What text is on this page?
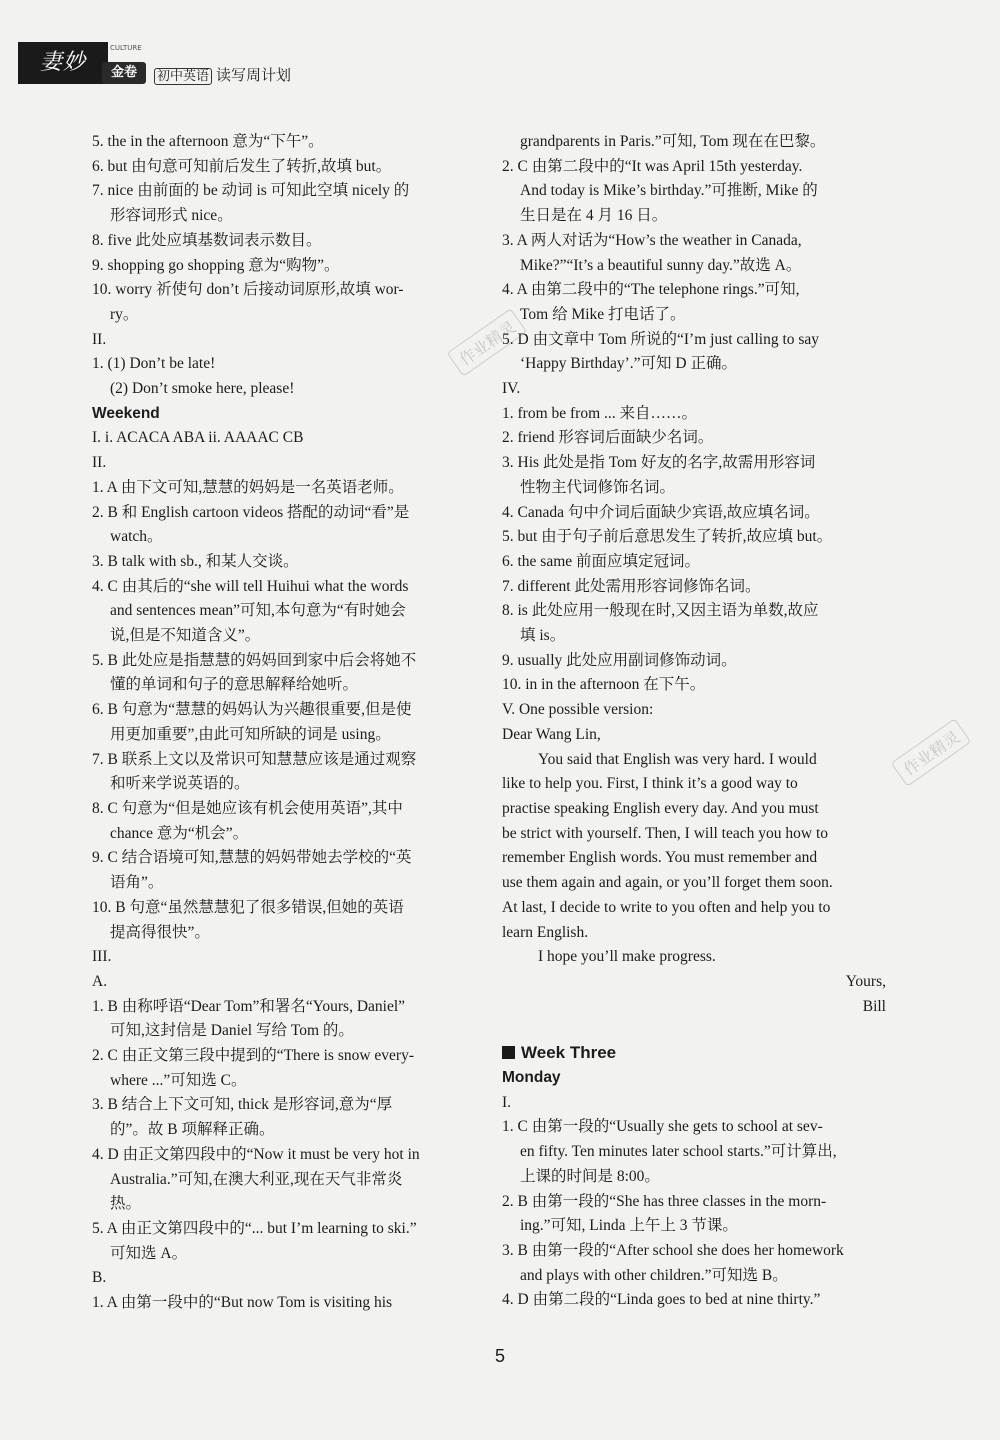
妻妙
CULTURE
金卷	初中英语 读写周计划
5. the in the afternoon 意为“下午”。
6. but 由句意可知前后发生了转折,故填 but。
7. nice 由前面的 be 动词 is 可知此空填 nicely 的
形容词形式 nice。
8. five 此处应填基数词表示数目。
9. shopping go shopping 意为“购物”。
10. worry 祈使句 don’t 后接动词原形,故填 wor-
ry。
II.
1. (1) Don’t be late!
(2) Don’t smoke here, please!
Weekend
I. i. ACACA ABA ii. AAAAC CB
II.
1. A 由下文可知,慧慧的妈妈是一名英语老师。
2. B 和 English cartoon videos 搭配的动词“看”是
watch。
3. B talk with sb., 和某人交谈。
4. C 由其后的“she will tell Huihui what the words
and sentences mean”可知,本句意为“有时她会
说,但是不知道含义”。
5. B 此处应是指慧慧的妈妈回到家中后会将她不
懂的单词和句子的意思解释给她听。
6. B 句意为“慧慧的妈妈认为兴趣很重要,但是使
用更加重要”,由此可知所缺的词是 using。
7. B 联系上文以及常识可知慧慧应该是通过观察
和听来学说英语的。
8. C 句意为“但是她应该有机会使用英语”,其中
chance 意为“机会”。
9. C 结合语境可知,慧慧的妈妈带她去学校的“英
语角”。
10. B 句意“虽然慧慧犯了很多错误,但她的英语
提高得很快”。
III.
A.
1. B 由称呼语“Dear Tom”和署名“Yours, Daniel”
可知,这封信是 Daniel 写给 Tom 的。
2. C 由正文第三段中提到的“There is snow every-
where ...”可知选 C。
3. B 结合上下文可知, thick 是形容词,意为“厚
的”。故 B 项解释正确。
4. D 由正文第四段中的“Now it must be very hot in
Australia.”可知,在澳大利亚,现在天气非常炎
热。
5. A 由正文第四段中的“... but I’m learning to ski.”
可知选 A。
B.
1. A 由第一段中的“But now Tom is visiting his
grandparents in Paris.”可知, Tom 现在在巴黎。
2. C 由第二段中的“It was April 15th yesterday.
And today is Mike’s birthday.”可推断, Mike 的
生日是在 4 月 16 日。
3. A 两人对话为“How’s the weather in Canada,
Mike?”“It’s a beautiful sunny day.”故选 A。
4. A 由第二段中的“The telephone rings.”可知,
Tom 给 Mike 打电话了。
5. D 由文章中 Tom 所说的“I’m just calling to say
‘Happy Birthday’.”可知 D 正确。
IV.
1. from be from ... 来自……。
2. friend 形容词后面缺少名词。
3. His 此处是指 Tom 好友的名字,故需用形容词
性物主代词修饰名词。
4. Canada 句中介词后面缺少宾语,故应填名词。
5. but 由于句子前后意思发生了转折,故应填 but。
6. the same 前面应填定冠词。
7. different 此处需用形容词修饰名词。
8. is 此处应用一般现在时,又因主语为单数,故应
填 is。
9. usually 此处应用副词修饰动词。
10. in in the afternoon 在下午。
V. One possible version:
Dear Wang Lin,
You said that English was very hard. I would
like to help you. First, I think it’s a good way to
practise speaking English every day. And you must
be strict with yourself. Then, I will teach you how to
remember English words. You must remember and
use them again and again, or you’ll forget them soon.
At last, I decide to write to you often and help you to
learn English.
I hope you’ll make progress.
Yours,
Bill
Week Three
Monday
I.
1. C 由第一段的“Usually she gets to school at sev-
en fifty. Ten minutes later school starts.”可计算出,
上课的时间是 8:00。
2. B 由第一段的“She has three classes in the morn-
ing.”可知, Linda 上午上 3 节课。
3. B 由第一段的“After school she does her homework
and plays with other children.”可知选 B。
4. D 由第二段的“Linda goes to bed at nine thirty.”
作业精灵
作业精灵
5
